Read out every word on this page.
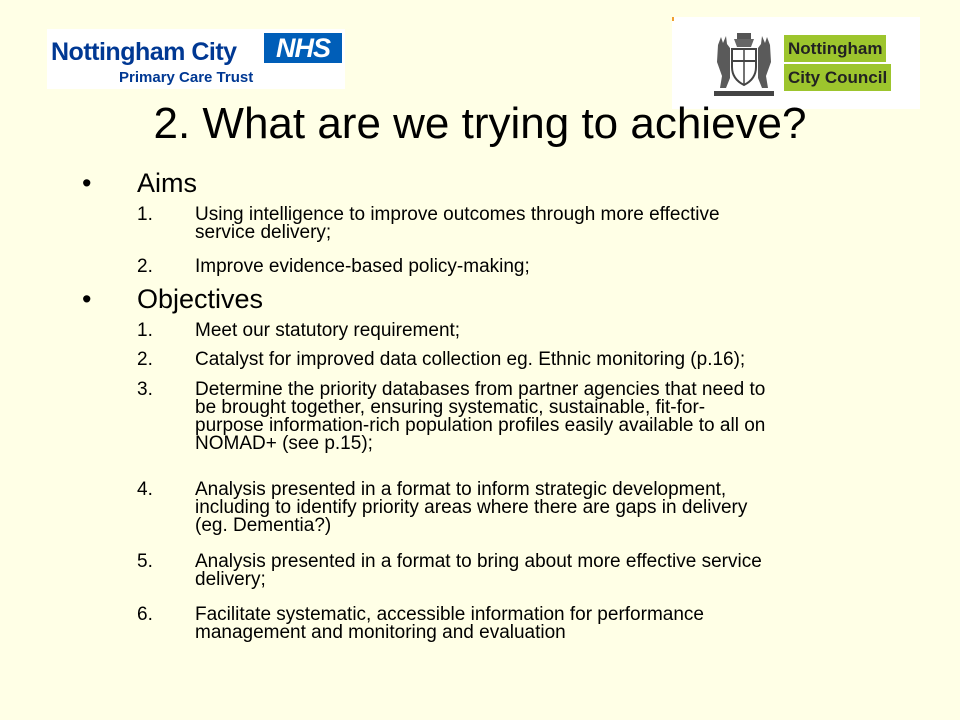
Nottingham City	NHS
Primary Care Trust
Nottingham
City Council
2. What are we trying to achieve?
• Aims
1. Using intelligence to improve outcomes through more effective
service delivery;
2. Improve evidence-based policy-making;
• Objectives
1. Meet our statutory requirement;
2. Catalyst for improved data collection eg. Ethnic monitoring (p.16);
3. Determine the priority databases from partner agencies that need to
be brought together, ensuring systematic, sustainable, fit-for-
purpose information-rich population profiles easily available to all on
NOMAD+ (see p.15);
4. Analysis presented in a format to inform strategic development,
including to identify priority areas where there are gaps in delivery
(eg. Dementia?)
5. Analysis presented in a format to bring about more effective service
delivery;
6. Facilitate systematic, accessible information for performance
management and monitoring and evaluation
